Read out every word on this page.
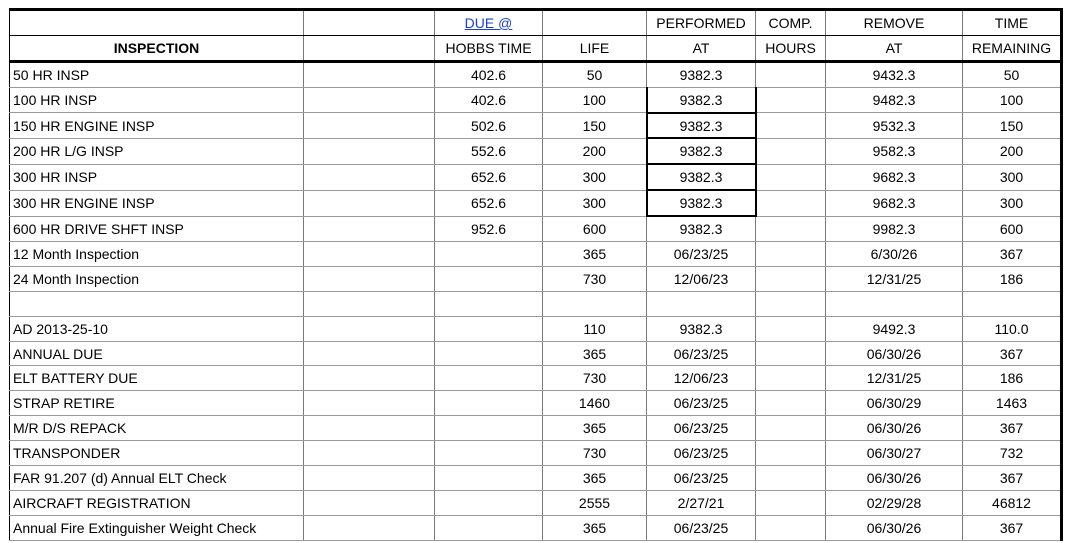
		DUE @		PERFORMED	COMP.	REMOVE	TIME
INSPECTION		HOBBS TIME	LIFE	AT	HOURS	AT	REMAINING
50 HR INSP		402.6	50	9382.3		9432.3	50
100 HR INSP		402.6	100	9382.3		9482.3	100
150 HR ENGINE INSP		502.6	150	9382.3		9532.3	150
200 HR L/G INSP		552.6	200	9382.3		9582.3	200
300 HR INSP		652.6	300	9382.3		9682.3	300
300 HR ENGINE INSP		652.6	300	9382.3		9682.3	300
600 HR DRIVE SHFT INSP		952.6	600	9382.3		9982.3	600
12 Month Inspection			365	06/23/25		6/30/26	367
24 Month Inspection			730	12/06/23		12/31/25	186

AD 2013-25-10			110	9382.3		9492.3	110.0
ANNUAL DUE			365	06/23/25		06/30/26	367
ELT BATTERY DUE			730	12/06/23		12/31/25	186
STRAP RETIRE			1460	06/23/25		06/30/29	1463
M/R D/S REPACK			365	06/23/25		06/30/26	367
TRANSPONDER			730	06/23/25		06/30/27	732
FAR 91.207 (d) Annual ELT Check			365	06/23/25		06/30/26	367
AIRCRAFT REGISTRATION			2555	2/27/21		02/29/28	46812
Annual Fire Extinguisher Weight Check			365	06/23/25		06/30/26	367
